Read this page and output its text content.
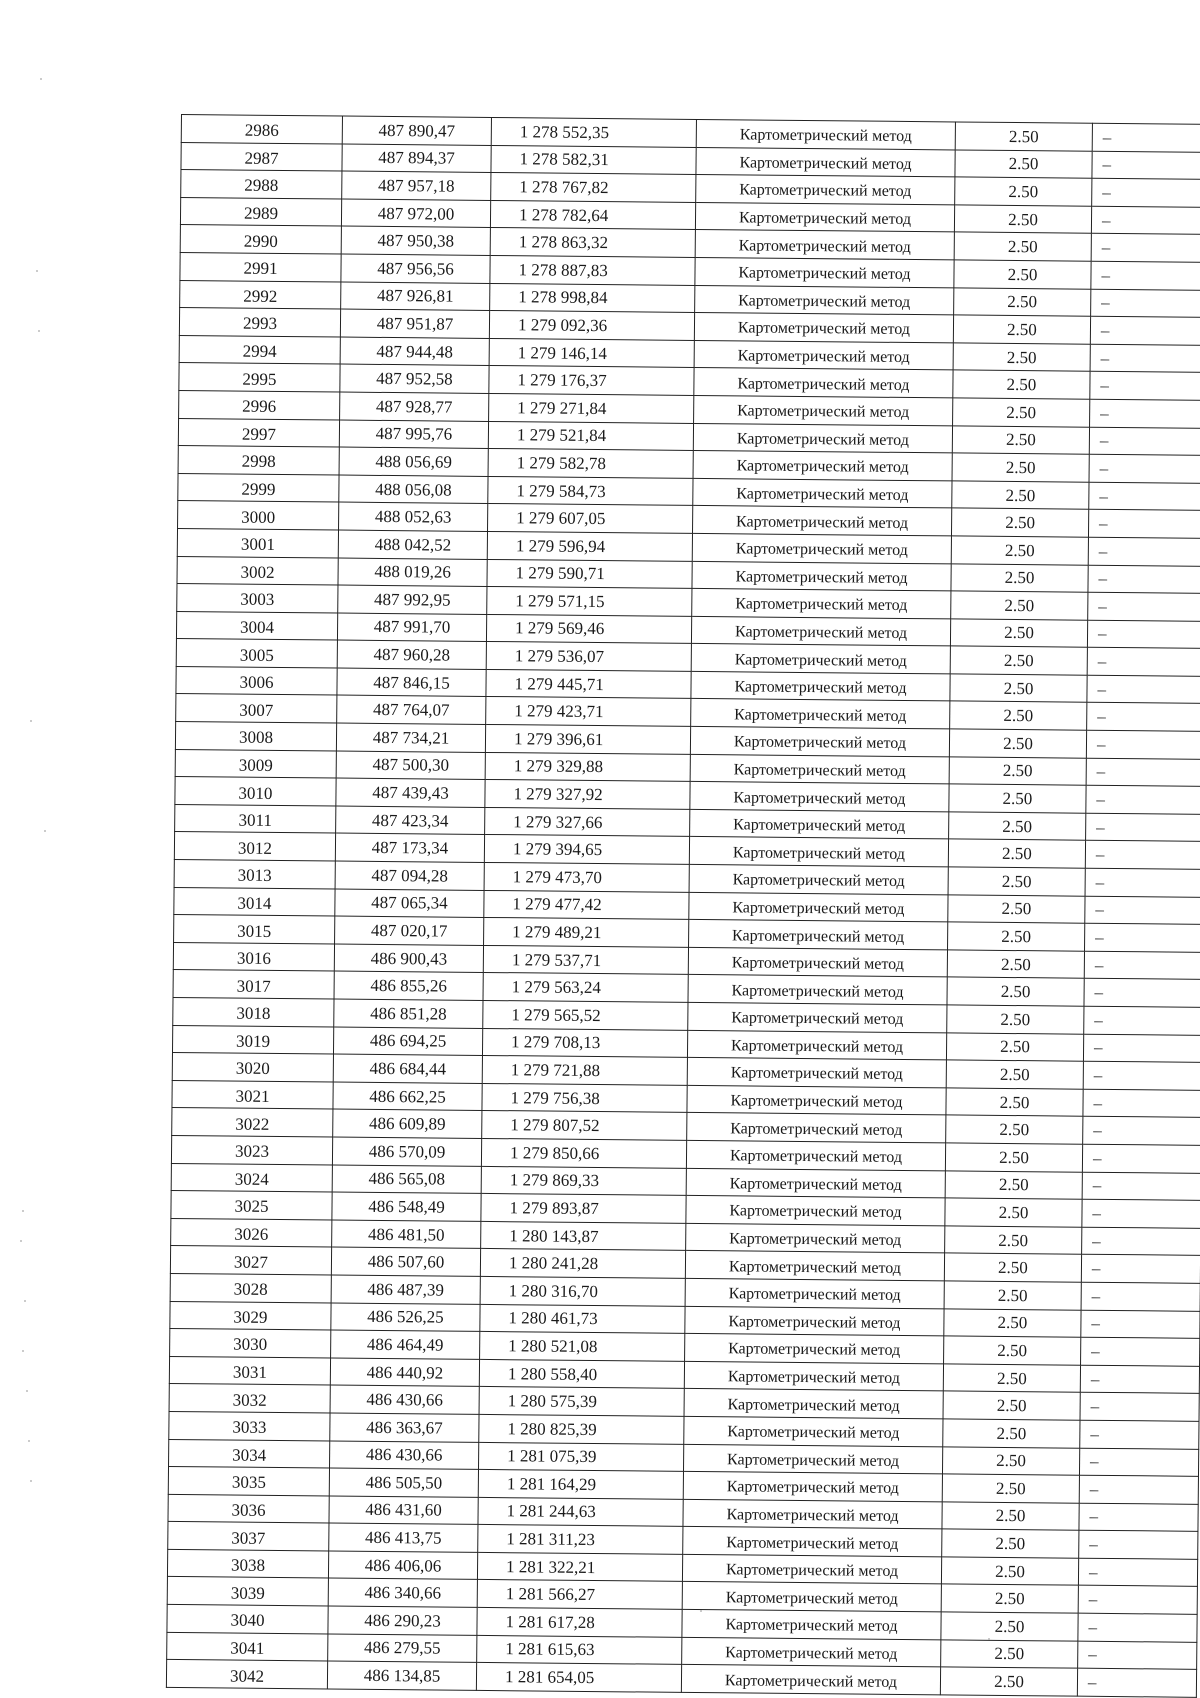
2986	487 890,47	1 278 552,35	Картометрический метод	2.50	–
2987	487 894,37	1 278 582,31	Картометрический метод	2.50	–
2988	487 957,18	1 278 767,82	Картометрический метод	2.50	–
2989	487 972,00	1 278 782,64	Картометрический метод	2.50	–
2990	487 950,38	1 278 863,32	Картометрический метод	2.50	–
2991	487 956,56	1 278 887,83	Картометрический метод	2.50	–
2992	487 926,81	1 278 998,84	Картометрический метод	2.50	–
2993	487 951,87	1 279 092,36	Картометрический метод	2.50	–
2994	487 944,48	1 279 146,14	Картометрический метод	2.50	–
2995	487 952,58	1 279 176,37	Картометрический метод	2.50	–
2996	487 928,77	1 279 271,84	Картометрический метод	2.50	–
2997	487 995,76	1 279 521,84	Картометрический метод	2.50	–
2998	488 056,69	1 279 582,78	Картометрический метод	2.50	–
2999	488 056,08	1 279 584,73	Картометрический метод	2.50	–
3000	488 052,63	1 279 607,05	Картометрический метод	2.50	–
3001	488 042,52	1 279 596,94	Картометрический метод	2.50	–
3002	488 019,26	1 279 590,71	Картометрический метод	2.50	–
3003	487 992,95	1 279 571,15	Картометрический метод	2.50	–
3004	487 991,70	1 279 569,46	Картометрический метод	2.50	–
3005	487 960,28	1 279 536,07	Картометрический метод	2.50	–
3006	487 846,15	1 279 445,71	Картометрический метод	2.50	–
3007	487 764,07	1 279 423,71	Картометрический метод	2.50	–
3008	487 734,21	1 279 396,61	Картометрический метод	2.50	–
3009	487 500,30	1 279 329,88	Картометрический метод	2.50	–
3010	487 439,43	1 279 327,92	Картометрический метод	2.50	–
3011	487 423,34	1 279 327,66	Картометрический метод	2.50	–
3012	487 173,34	1 279 394,65	Картометрический метод	2.50	–
3013	487 094,28	1 279 473,70	Картометрический метод	2.50	–
3014	487 065,34	1 279 477,42	Картометрический метод	2.50	–
3015	487 020,17	1 279 489,21	Картометрический метод	2.50	–
3016	486 900,43	1 279 537,71	Картометрический метод	2.50	–
3017	486 855,26	1 279 563,24	Картометрический метод	2.50	–
3018	486 851,28	1 279 565,52	Картометрический метод	2.50	–
3019	486 694,25	1 279 708,13	Картометрический метод	2.50	–
3020	486 684,44	1 279 721,88	Картометрический метод	2.50	–
3021	486 662,25	1 279 756,38	Картометрический метод	2.50	–
3022	486 609,89	1 279 807,52	Картометрический метод	2.50	–
3023	486 570,09	1 279 850,66	Картометрический метод	2.50	–
3024	486 565,08	1 279 869,33	Картометрический метод	2.50	–
3025	486 548,49	1 279 893,87	Картометрический метод	2.50	–
3026	486 481,50	1 280 143,87	Картометрический метод	2.50	–
3027	486 507,60	1 280 241,28	Картометрический метод	2.50	–
3028	486 487,39	1 280 316,70	Картометрический метод	2.50	–
3029	486 526,25	1 280 461,73	Картометрический метод	2.50	–
3030	486 464,49	1 280 521,08	Картометрический метод	2.50	–
3031	486 440,92	1 280 558,40	Картометрический метод	2.50	–
3032	486 430,66	1 280 575,39	Картометрический метод	2.50	–
3033	486 363,67	1 280 825,39	Картометрический метод	2.50	–
3034	486 430,66	1 281 075,39	Картометрический метод	2.50	–
3035	486 505,50	1 281 164,29	Картометрический метод	2.50	–
3036	486 431,60	1 281 244,63	Картометрический метод	2.50	–
3037	486 413,75	1 281 311,23	Картометрический метод	2.50	–
3038	486 406,06	1 281 322,21	Картометрический метод	2.50	–
3039	486 340,66	1 281 566,27	Картометрический метод	2.50	–
3040	486 290,23	1 281 617,28	Картометрический метод	2.50	–
3041	486 279,55	1 281 615,63	Картометрический метод	2.50	–
3042	486 134,85	1 281 654,05	Картометрический метод	2.50	–
